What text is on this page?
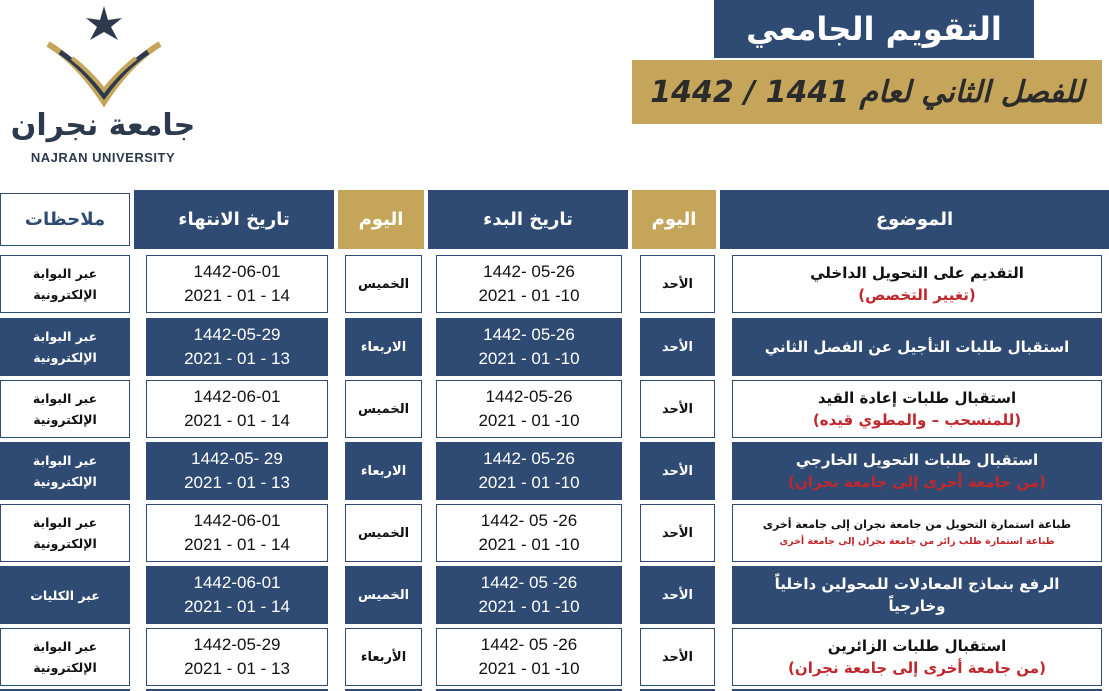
جامعة نجران
NAJRAN UNIVERSITY
التقويم الجامعي
للفصل الثاني لعام 1441 / 1442
الموضوع
اليوم
تاريخ البدء
اليوم
تاريخ الانتهاء
ملاحظات
التقديم على التحويل الداخلي
(تغيير التخصص)
الأحد
1442- 05-26
2021 - 01 -10
الخميس
1442-06-01
2021 - 01 - 14
عبر البوابة
الإلكترونية
استقبال طلبات التأجيل عن الفصل الثاني
الأحد
1442- 05-26
2021 - 01 -10
الاربعاء
1442-05-29
2021 - 01 - 13
عبر البوابة
الإلكترونية
استقبال طلبات إعادة القيد
(للمنسحب – والمطوي قيده)
الأحد
1442-05-26
2021 - 01 -10
الخميس
1442-06-01
2021 - 01 - 14
عبر البوابة
الإلكترونية
استقبال طلبات التحويل الخارجي
(من جامعة أخرى إلى جامعة نجران)
الأحد
1442- 05-26
2021 - 01 -10
الاربعاء
1442-05- 29
2021 - 01 - 13
عبر البوابة
الإلكترونية
طباعة استمارة التحويل من جامعة نجران إلى جامعة أخرى
طباعة استمارة طلب زائر من جامعة نجران إلى جامعة أخرى
الأحد
1442- 05 -26
2021 - 01 -10
الخميس
1442-06-01
2021 - 01 - 14
عبر البوابة
الإلكترونية
الرفع بنماذج المعادلات للمحولين داخلياً
وخارجياً
الأحد
1442- 05 -26
2021 - 01 -10
الخميس
1442-06-01
2021 - 01 - 14
عبر الكليات
استقبال طلبات الزائرين
(من جامعة أخرى إلى جامعة نجران)
الأحد
1442- 05 -26
2021 - 01 -10
الأربعاء
1442-05-29
2021 - 01 - 13
عبر البوابة
الإلكترونية
